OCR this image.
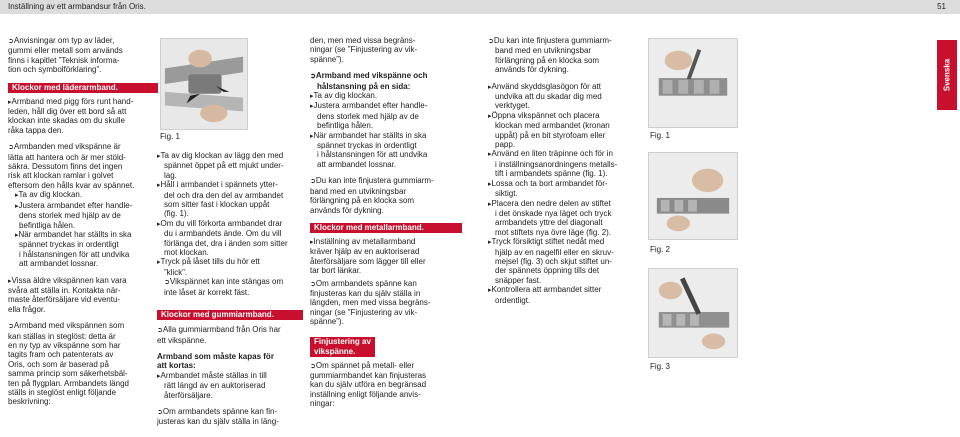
Inställning av ett armbandsur från Oris.	51
Svenska

➲Anvisningar om typ av läder,

gummi eller metall som används

finns i kapitlet ”Teknisk informa-

tion och symbolförklaring”.

Klockor med läderarmband.

▸Armband med pigg förs runt hand-

leden, håll dig över ett bord så att

klockan inte skadas om du skulle

råka tappa den.

➲Armbanden med vikspänne är

lätta att hantera och är mer stöld-

säkra. Dessutom finns det ingen

risk att klockan ramlar i golvet

eftersom den hålls kvar av spännet.

▸Ta av dig klockan.

▸Justera armbandet efter handle-

dens storlek med hjälp av de

befintliga hålen.

▸När armbandet har ställts in ska

spännet tryckas in ordentligt

i hålstansningen för att undvika

att armbandet lossnar.

▸Vissa äldre vikspännen kan vara

svåra att ställa in. Kontakta när-

maste återförsäljare vid eventu-

ella frågor.

➲Armband med vikspännen som

kan ställas in steglöst: detta är

en ny typ av vikspänne som har

tagits fram och patenterats av

Oris, och som är baserad på

samma princip som säkerhetsbäl-

ten på flygplan. Armbandets längd

ställs in steglöst enligt följande

beskrivning:

Fig. 1

▸Ta av dig klockan av lägg den med

spännet öppet på ett mjukt under-

lag.

▸Håll i armbandet i spännets ytter-

del och dra den del av armbandet

som sitter fast i klockan uppåt

(fig. 1).

▸Om du vill förkorta armbandet drar

du i armbandets ände. Om du vill

förlänga det, dra i änden som sitter

mot klockan.

▸Tryck på låset tills du hör ett

”klick”.

➲Vikspännet kan inte stängas om

inte låset är korrekt fäst.

Klockor med gummiarmband.

➲Alla gummiarmband från Oris har

ett vikspänne.

Armband som måste kapas för

att kortas:

▸Armbandet måste ställas in till

rätt längd av en auktoriserad

återförsäljare.

➲Om armbandets spänne kan fin-

justeras kan du själv ställa in läng-

den, men med vissa begräns-

ningar (se ”Finjustering av vik-

spänne”).

➲Armband med vikspänne och

hålstansning på en sida:

▸Ta av dig klockan.

▸Justera armbandet efter handle-

dens storlek med hjälp av de

befintliga hålen.

▸När armbandet har ställts in ska

spännet tryckas in ordentligt

i hålstansningen för att undvika

att armbandet lossnar.

➲Du kan inte finjustera gummiarm-

band med en utvikningsbar

förlängning på en klocka som

används för dykning.

Klockor med metallarmband.

▸Inställning av metallarmband

kräver hjälp av en auktoriserad

återförsäljare som lägger till eller

tar bort länkar.

➲Om armbandets spänne kan

finjusteras kan du själv ställa in

längden, men med vissa begräns-

ningar (se ”Finjustering av vik-

spänne”).

Finjustering av
vikspänne.

➲Om spännet på metall- eller

gummiarmbandet kan finjusteras

kan du själv utföra en begränsad

inställning enligt följande anvis-

ningar:

➲Du kan inte finjustera gummiarm-

band med en utvikningsbar

förlängning på en klocka som

används för dykning.

▸Använd skyddsglasögon för att

undvika att du skadar dig med

verktyget.

▸Öppna vikspännet och placera

klockan med armbandet (kronan

uppåt) på en bit styrofoam eller

papp.

▸Använd en liten träpinne och för in

i inställningsanordningens metalls-

tift i armbandets spänne (fig. 1).

▸Lossa och ta bort armbandet för-

siktigt.

▸Placera den nedre delen av stiftet

i det önskade nya läget och tryck

armbandets yttre del diagonalt

mot stiftets nya övre läge (fig. 2).

▸Tryck försiktigt stiftet nedåt med

hjälp av en nagelfil eller en skruv-

mejsel (fig. 3) och skjut stiftet un-

der spännets öppning tills det

snäpper fast.

▸Kontrollera att armbandet sitter

ordentligt.

Fig. 1
Fig. 2
Fig. 3
